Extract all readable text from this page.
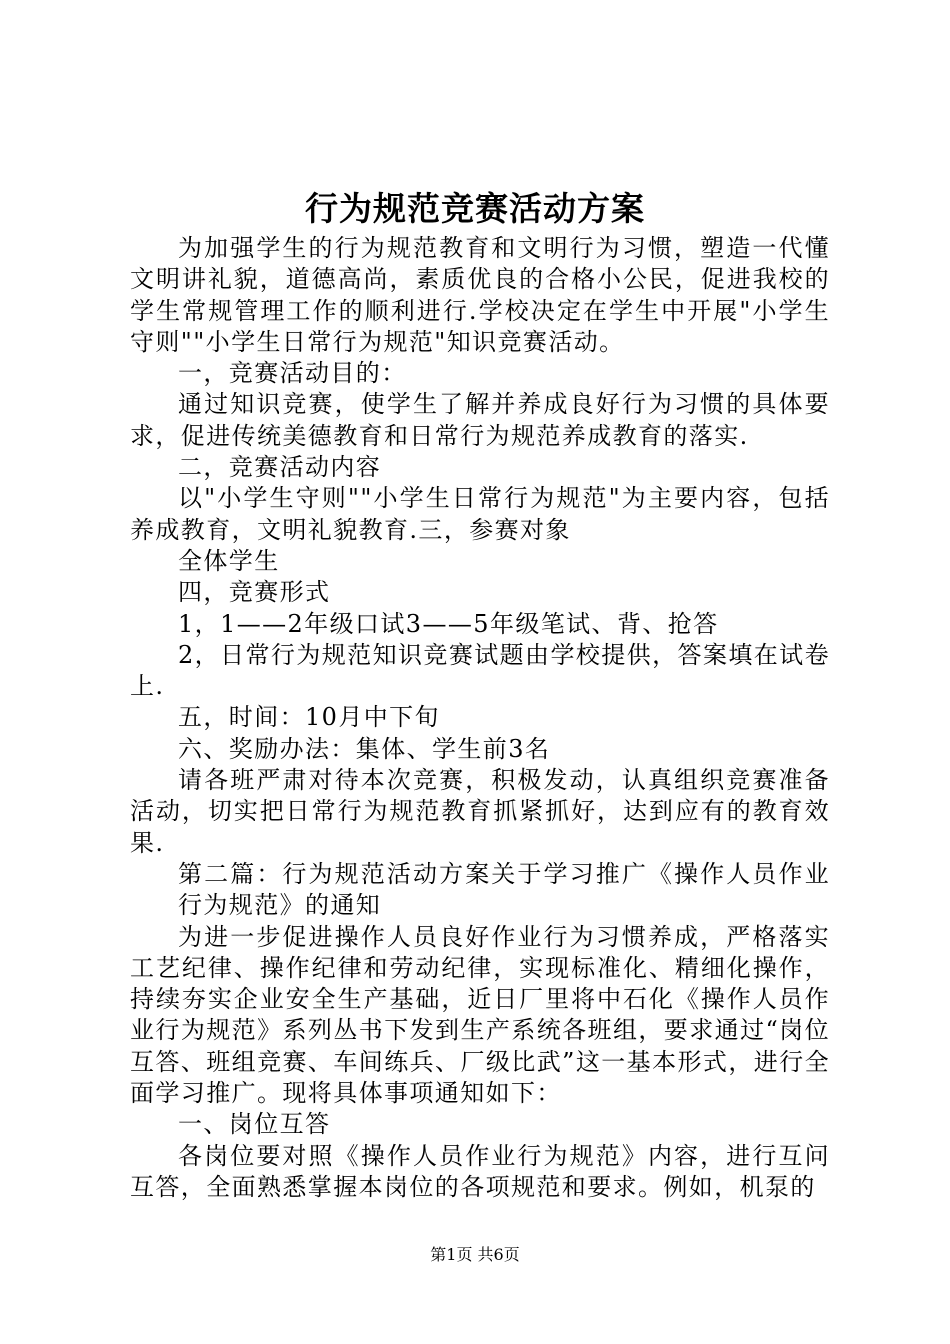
行为规范竞赛活动方案

为加强学生的行为规范教育和文明行为习惯，塑造一代懂文明讲礼貌，道德高尚，素质优良的合格小公民，促进我校的学生常规管理工作的顺利进行.学校决定在学生中开展"小学生守则""小学生日常行为规范"知识竞赛活动。

一，竞赛活动目的：

通过知识竞赛，使学生了解并养成良好行为习惯的具体要求，促进传统美德教育和日常行为规范养成教育的落实.

二，竞赛活动内容

以"小学生守则""小学生日常行为规范"为主要内容，包括养成教育，文明礼貌教育.三，参赛对象

全体学生

四，竞赛形式

1，1——2年级口试3——5年级笔试、背、抢答

2，日常行为规范知识竞赛试题由学校提供，答案填在试卷上.

五，时间：10月中下旬

六、奖励办法：集体、学生前3名

请各班严肃对待本次竞赛，积极发动，认真组织竞赛准备活动，切实把日常行为规范教育抓紧抓好，达到应有的教育效果.

第二篇：行为规范活动方案关于学习推广《操作人员作业行为规范》的通知

为进一步促进操作人员良好作业行为习惯养成，严格落实工艺纪律、操作纪律和劳动纪律，实现标准化、精细化操作，持续夯实企业安全生产基础，近日厂里将中石化《操作人员作业行为规范》系列丛书下发到生产系统各班组，要求通过“岗位互答、班组竞赛、车间练兵、厂级比武”这一基本形式，进行全面学习推广。现将具体事项通知如下：

一、岗位互答

各岗位要对照《操作人员作业行为规范》内容，进行互问互答，全面熟悉掌握本岗位的各项规范和要求。例如，机泵的

第1页 共6页
